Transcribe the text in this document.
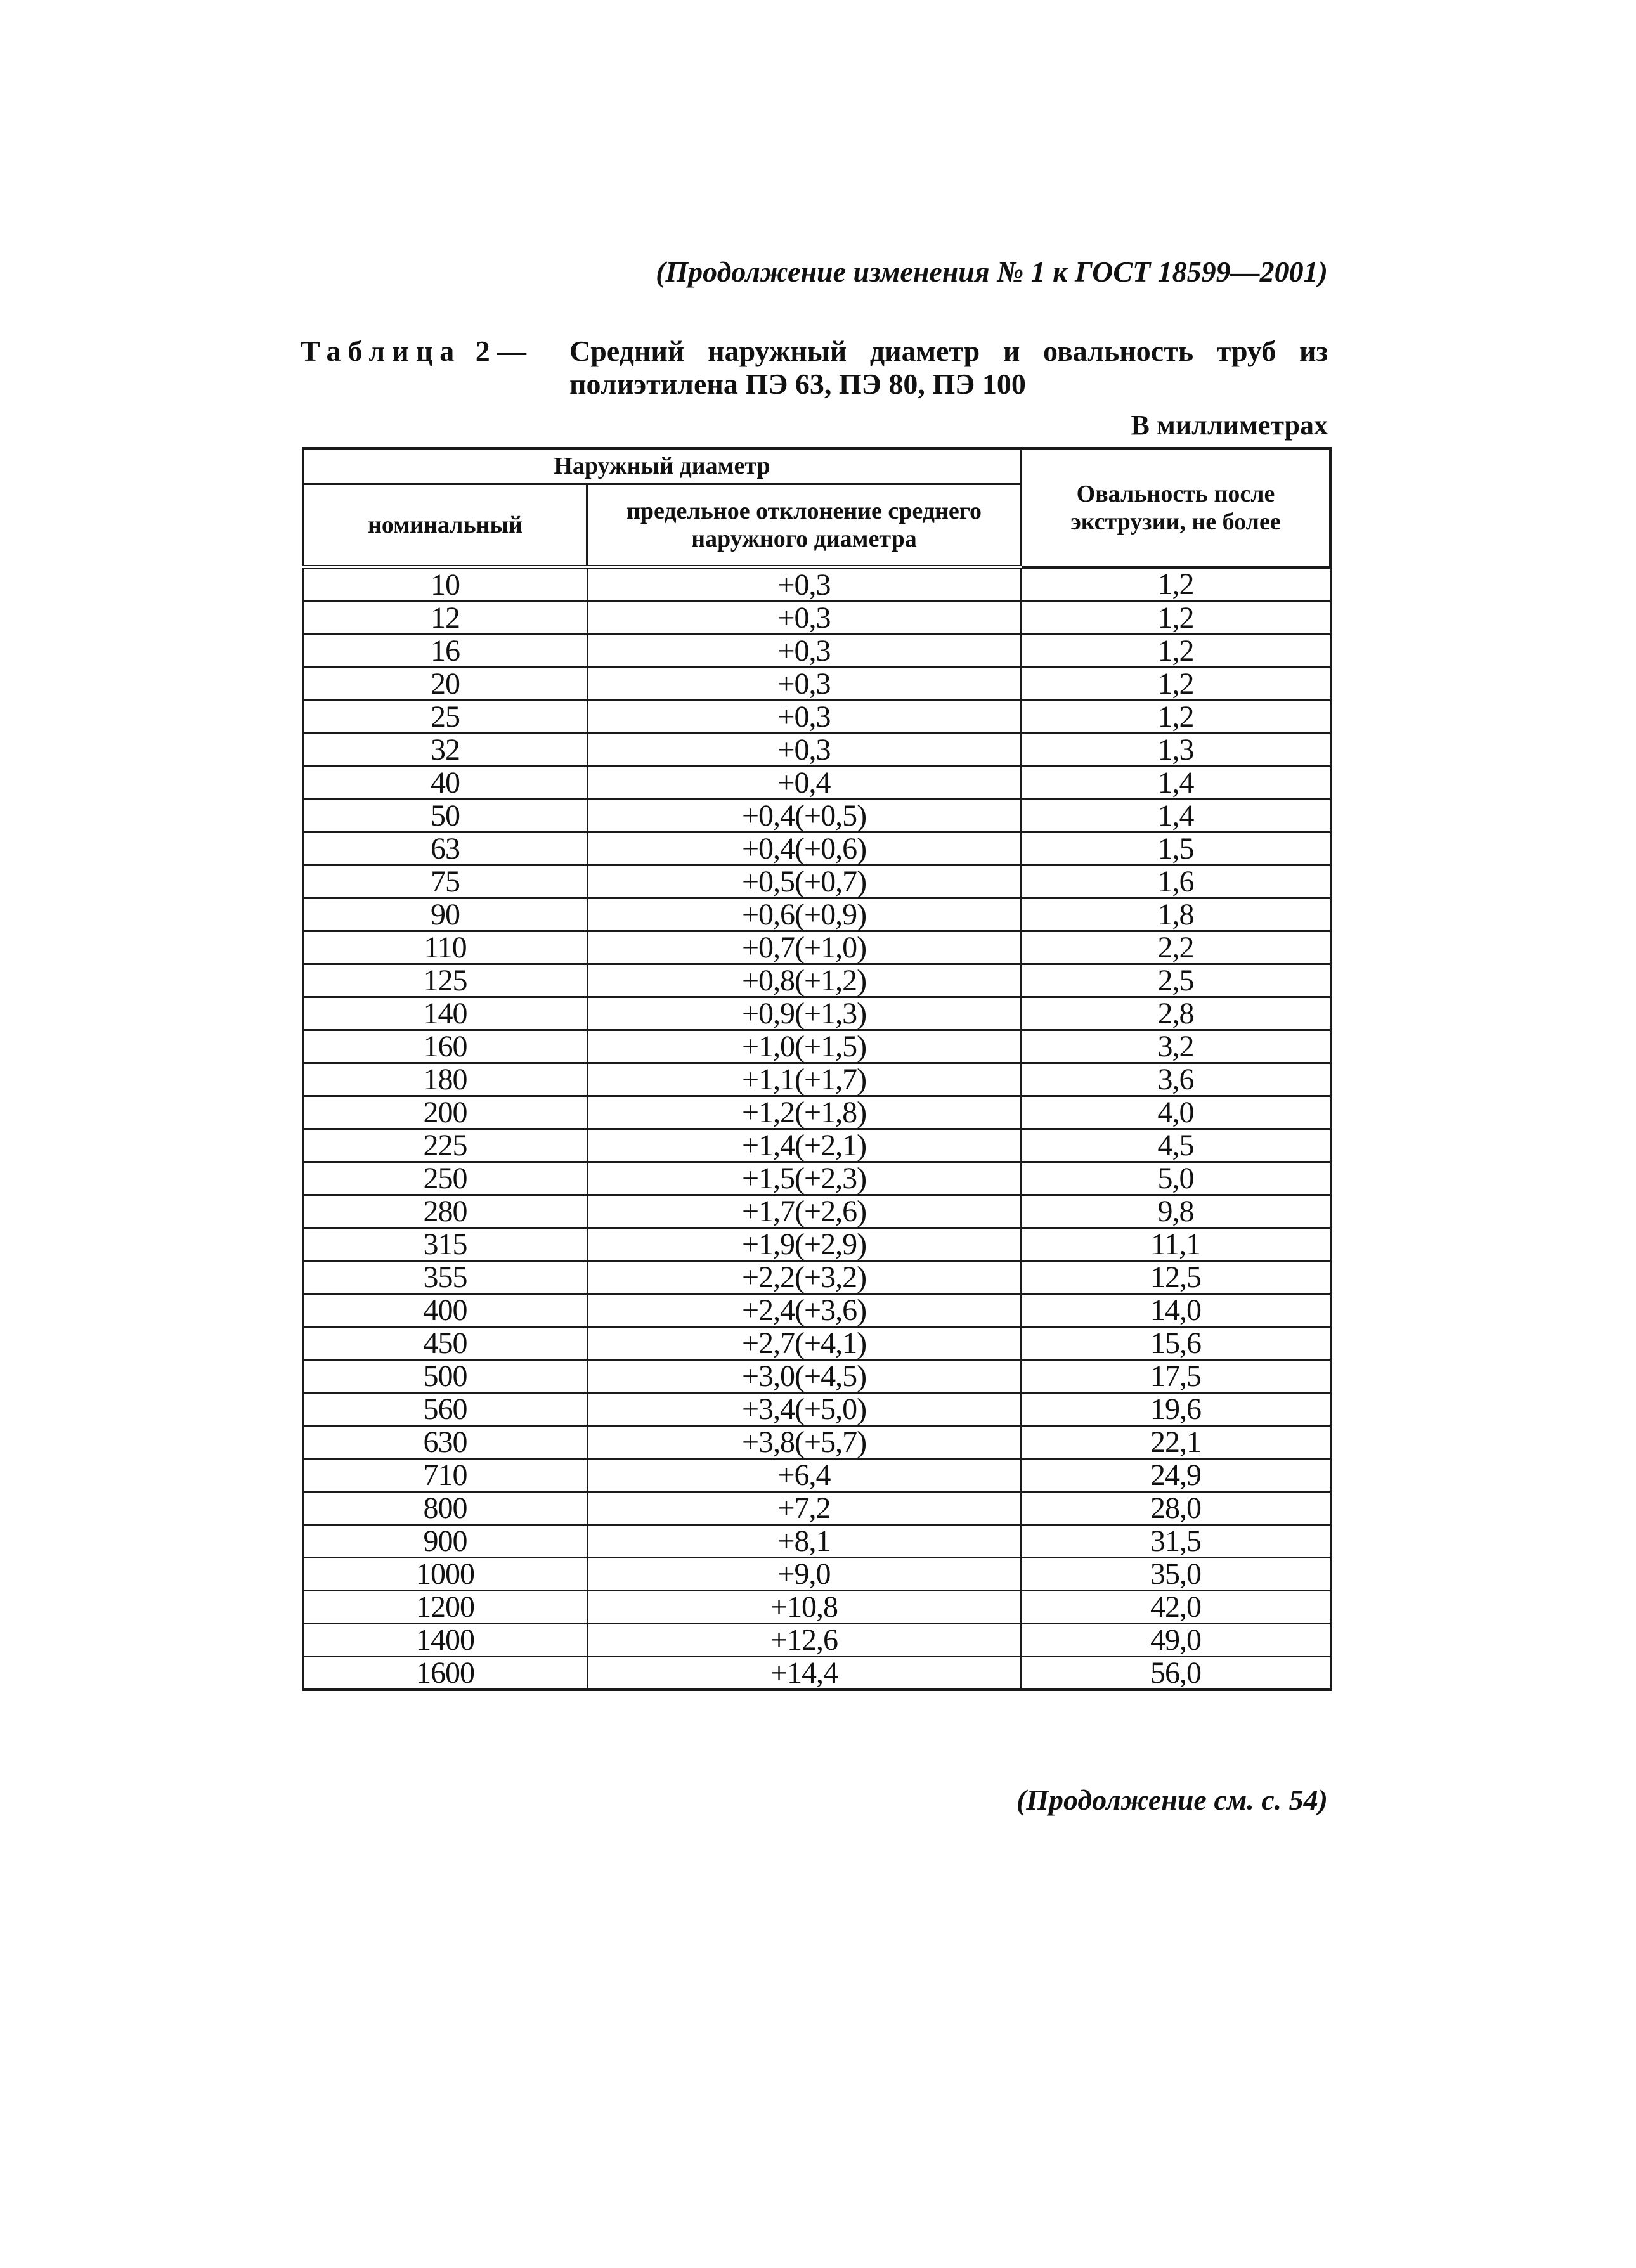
(Продолжение изменения № 1 к ГОСТ 18599—2001)
Таблица 2 — Средний наружный диаметр и овальность труб из полиэтилена ПЭ 63, ПЭ 80, ПЭ 100
В миллиметрах
Наружный диаметр		Овальность после экструзии, не более
номинальный	предельное отклонение среднего наружного диаметра	
10	+0,3	1,2
12	+0,3	1,2
16	+0,3	1,2
20	+0,3	1,2
25	+0,3	1,2
32	+0,3	1,3
40	+0,4	1,4
50	+0,4(+0,5)	1,4
63	+0,4(+0,6)	1,5
75	+0,5(+0,7)	1,6
90	+0,6(+0,9)	1,8
110	+0,7(+1,0)	2,2
125	+0,8(+1,2)	2,5
140	+0,9(+1,3)	2,8
160	+1,0(+1,5)	3,2
180	+1,1(+1,7)	3,6
200	+1,2(+1,8)	4,0
225	+1,4(+2,1)	4,5
250	+1,5(+2,3)	5,0
280	+1,7(+2,6)	9,8
315	+1,9(+2,9)	11,1
355	+2,2(+3,2)	12,5
400	+2,4(+3,6)	14,0
450	+2,7(+4,1)	15,6
500	+3,0(+4,5)	17,5
560	+3,4(+5,0)	19,6
630	+3,8(+5,7)	22,1
710	+6,4	24,9
800	+7,2	28,0
900	+8,1	31,5
1000	+9,0	35,0
1200	+10,8	42,0
1400	+12,6	49,0
1600	+14,4	56,0
(Продолжение см. с. 54)
